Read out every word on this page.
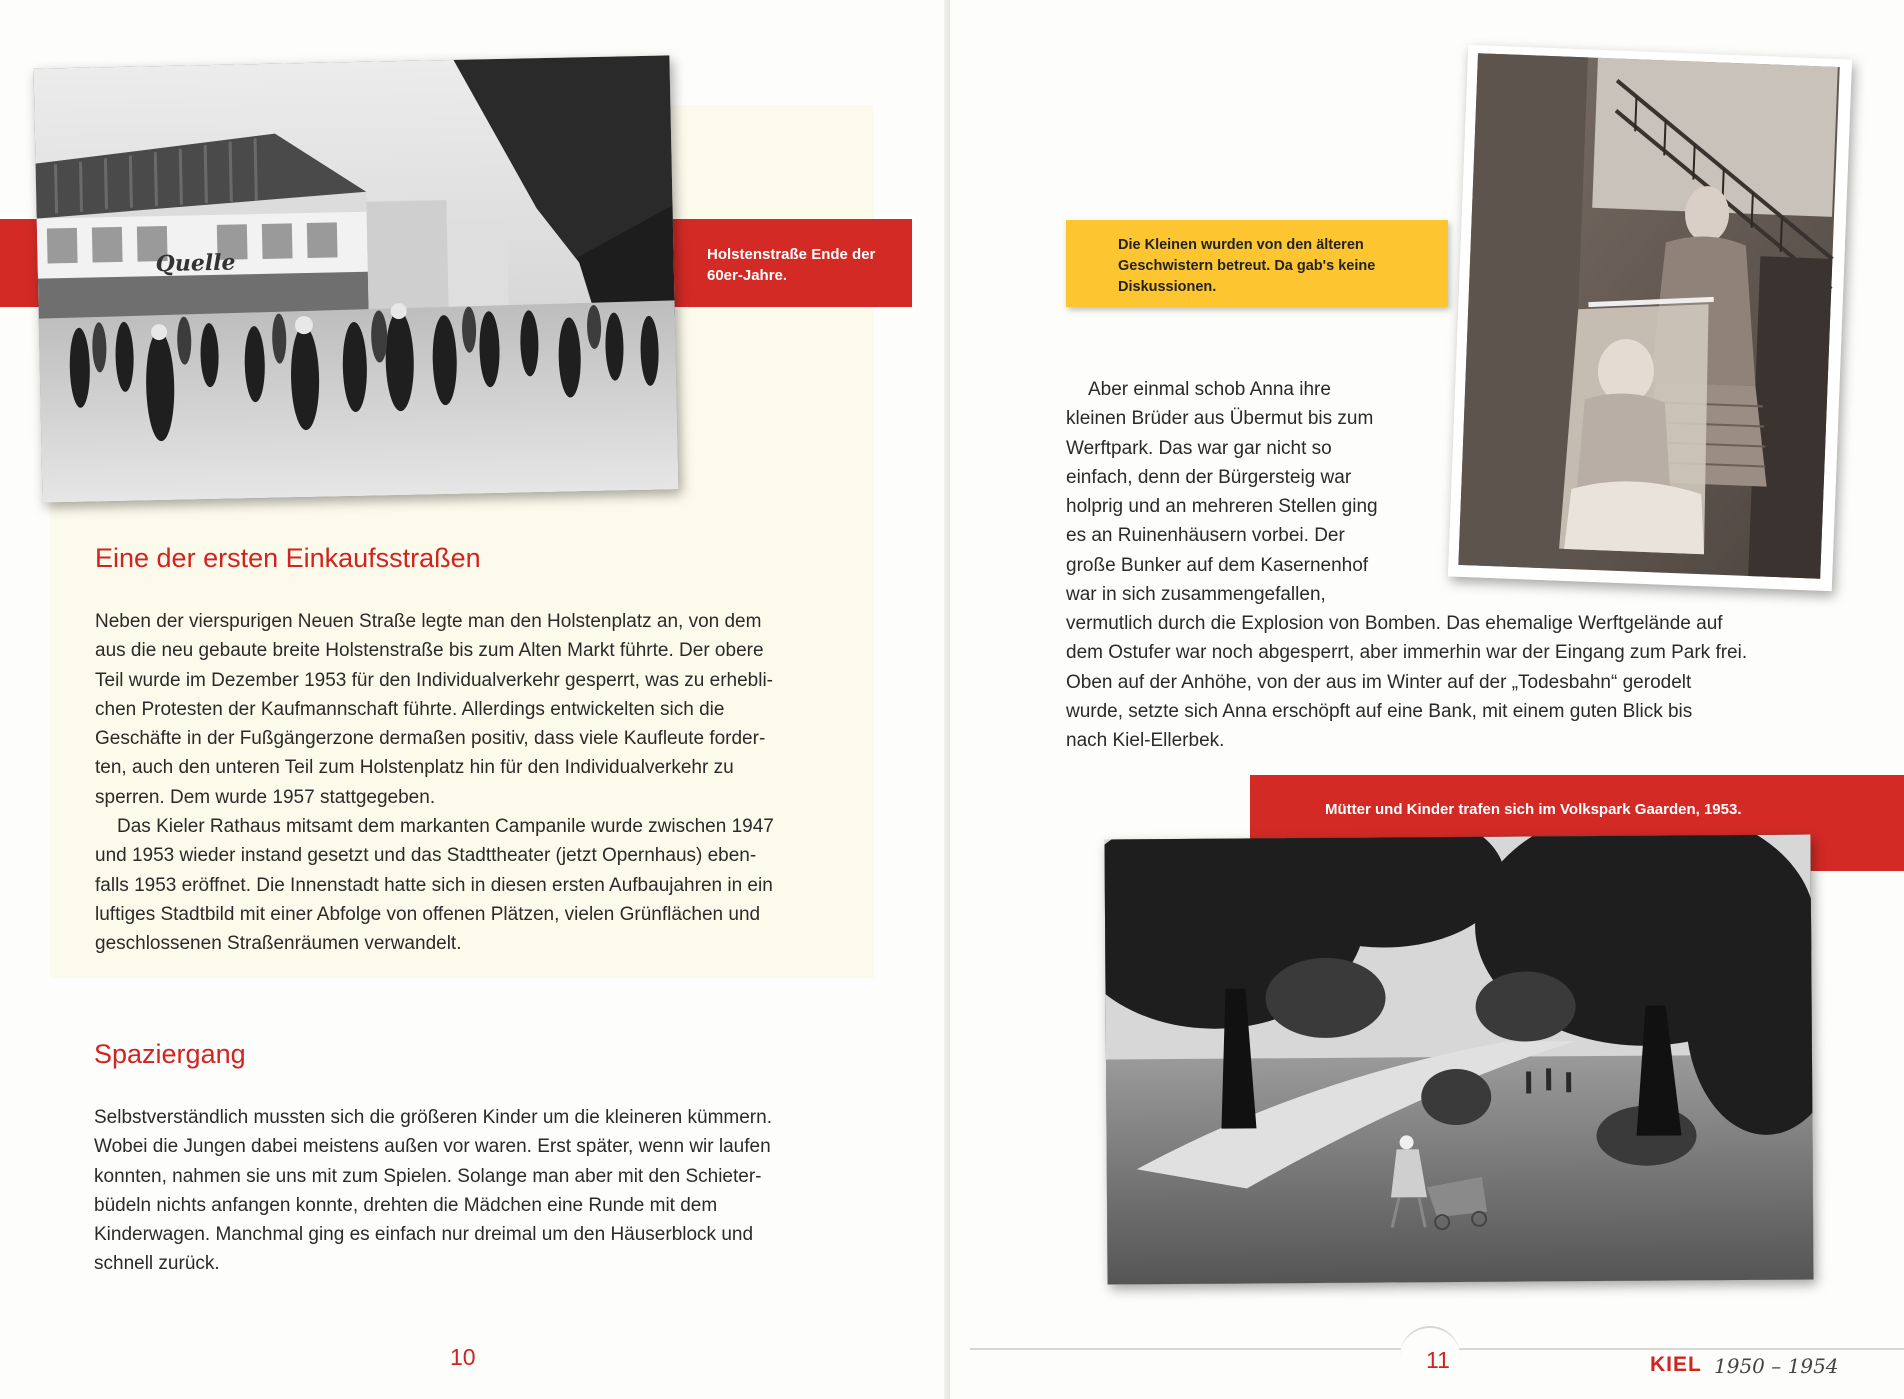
Holstenstraße Ende der 60er-Jahre.
Quelle
Eine der ersten Einkaufsstraßen

Neben der vierspurigen Neuen Straße legte man den Holstenplatz an, von dem

aus die neu gebaute breite Holstenstraße bis zum Alten Markt führte. Der obere

Teil wurde im Dezember 1953 für den Individualverkehr gesperrt, was zu erhebli-

chen Protesten der Kaufmannschaft führte. Allerdings entwickelten sich die

Geschäfte in der Fußgängerzone dermaßen positiv, dass viele Kaufleute forder-

ten, auch den unteren Teil zum Holstenplatz hin für den Individualverkehr zu

sperren. Dem wurde 1957 stattgegeben.

Das Kieler Rathaus mitsamt dem markanten Campanile wurde zwischen 1947

und 1953 wieder instand gesetzt und das Stadttheater (jetzt Opernhaus) eben-

falls 1953 eröffnet. Die Innenstadt hatte sich in diesen ersten Aufbaujahren in ein

luftiges Stadtbild mit einer Abfolge von offenen Plätzen, vielen Grünflächen und

geschlossenen Straßenräumen verwandelt.

Spaziergang

Selbstverständlich mussten sich die größeren Kinder um die kleineren kümmern.

Wobei die Jungen dabei meistens außen vor waren. Erst später, wenn wir laufen

konnten, nahmen sie uns mit zum Spielen. Solange man aber mit den Schieter-

büdeln nichts anfangen konnte, drehten die Mädchen eine Runde mit dem

Kinderwagen. Manchmal ging es einfach nur dreimal um den Häuserblock und

schnell zurück.

10
Die Kleinen wurden von den älteren Geschwistern betreut. Da gab's keine Diskussionen.

Aber einmal schob Anna ihre

kleinen Brüder aus Übermut bis zum

Werftpark. Das war gar nicht so

einfach, denn der Bürgersteig war

holprig und an mehreren Stellen ging

es an Ruinenhäusern vorbei. Der

große Bunker auf dem Kasernenhof

war in sich zusammengefallen,

vermutlich durch die Explosion von Bomben. Das ehemalige Werftgelände auf

dem Ostufer war noch abgesperrt, aber immerhin war der Eingang zum Park frei.

Oben auf der Anhöhe, von der aus im Winter auf der „Todesbahn“ gerodelt

wurde, setzte sich Anna erschöpft auf eine Bank, mit einem guten Blick bis

nach Kiel-Ellerbek.

Mütter und Kinder trafen sich im Volkspark Gaarden, 1953.
11	KIEL 1950 – 1954
